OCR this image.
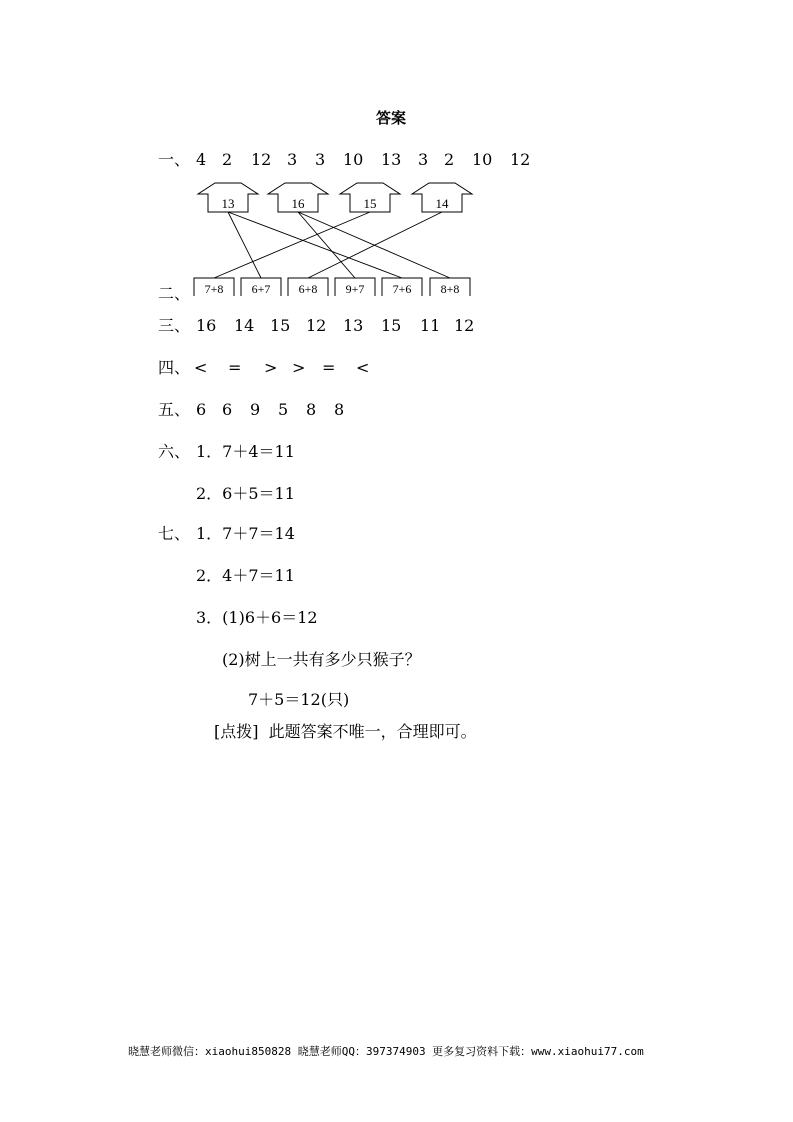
答案
一、 4 2 12 3 3 10 13 3 2 10 12
13	16	15	14
7+8 6+7 6+8 9+7 7+6 8+8
二、
三、 16 14 15 12 13 15 11 12
四、 < = > > = <
五、 6 6 9 5 8 8
六、 1．7＋4＝11
2．6＋5＝11
七、 1．7＋7＝14
2．4＋7＝11
3．(1)6＋6＝12
(2)树上一共有多少只猴子？
7＋5＝12(只)
[点拨]  此题答案不唯一，合理即可。
晓慧老师微信：xiaohui850828 晓慧老师QQ：397374903 更多复习资料下载：www.xiaohui77.com
